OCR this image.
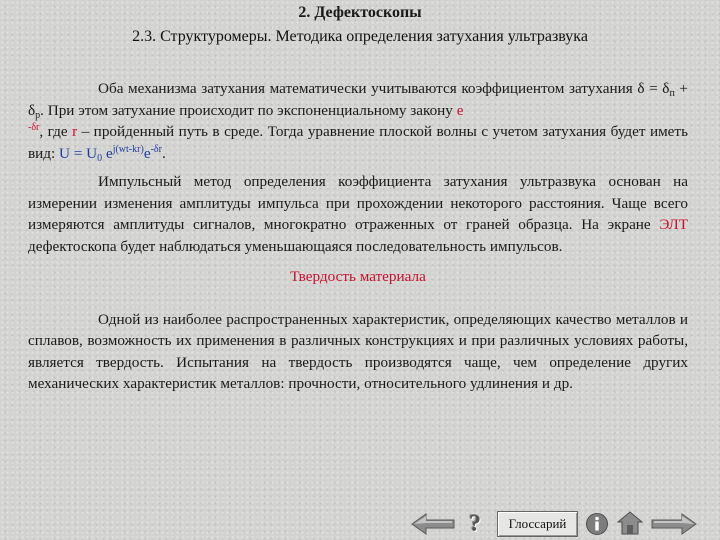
2. Дефектоскопы
2.3. Структуромеры. Методика определения затухания ультразвука

Оба механизма затухания математически учитываются коэффициентом затухания $\delta = \delta_п + \delta_р$. При этом затухание происходит по экспоненциальному закону е
$^{-\delta r}$, где r – пройденный путь в среде. Тогда уравнение плоской волны с учетом затухания будет иметь вид: $U = U_0$ $e^{j(wt-kr)}e^{-\delta r}$.

Импульсный метод определения коэффициента затухания ультразвука основан на измерении изменения амплитуды импульса при прохождении некоторого расстояния. Чаще всего измеряются амплитуды сигналов, многократно отраженных от граней образца. На экране ЭЛТ дефектоскопа будет наблюдаться уменьшающаяся последовательность импульсов.

Твердость материала

Одной из наиболее распространенных характеристик, определяющих качество металлов и сплавов, возможность их применения в различных конструкциях и при различных условиях работы, является твердость. Испытания на твердость производятся чаще, чем определение других механических характеристик металлов: прочности, относительного удлинения и др.

?	Глоссарий
